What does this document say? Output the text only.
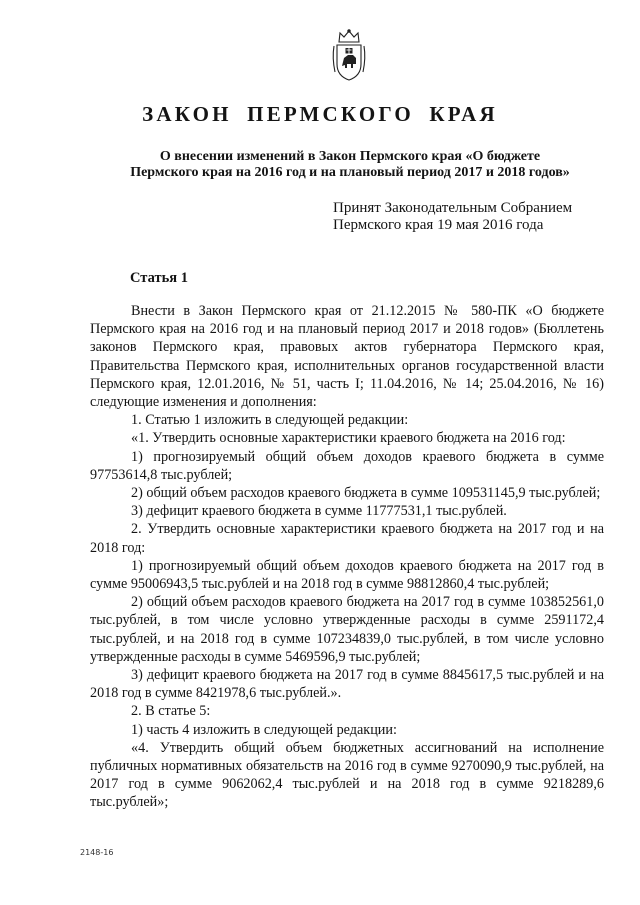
ЗАКОН ПЕРМСКОГО КРАЯ
О внесении изменений в Закон Пермского края «О бюджете
Пермского края на 2016 год и на плановый период 2017 и 2018 годов»
Принят Законодательным Собранием
Пермского края 19 мая 2016 года
Статья 1

Внести в Закон Пермского края от 21.12.2015 № 580-ПК «О бюджете Пермского края на 2016 год и на плановый период 2017 и 2018 годов» (Бюллетень законов Пермского края, правовых актов губернатора Пермского края, Правительства Пермского края, исполнительных органов государственной власти Пермского края, 12.01.2016, № 51, часть I; 11.04.2016, № 14; 25.04.2016, № 16) следующие изменения и дополнения:

1. Статью 1 изложить в следующей редакции:

«1. Утвердить основные характеристики краевого бюджета на 2016 год:

1) прогнозируемый общий объем доходов краевого бюджета в сумме 97753614,8 тыс.рублей;

2) общий объем расходов краевого бюджета в сумме 109531145,9 тыс.рублей;

3) дефицит краевого бюджета в сумме 11777531,1 тыс.рублей.

2. Утвердить основные характеристики краевого бюджета на 2017 год и на 2018 год:

1) прогнозируемый общий объем доходов краевого бюджета на 2017 год в сумме 95006943,5 тыс.рублей и на 2018 год в сумме 98812860,4 тыс.рублей;

2) общий объем расходов краевого бюджета на 2017 год в сумме 103852561,0 тыс.рублей, в том числе условно утвержденные расходы в сумме 2591172,4 тыс.рублей, и на 2018 год в сумме 107234839,0 тыс.рублей, в том числе условно утвержденные расходы в сумме 5469596,9 тыс.рублей;

3) дефицит краевого бюджета на 2017 год в сумме 8845617,5 тыс.рублей и на 2018 год в сумме 8421978,6 тыс.рублей.».

2. В статье 5:

1) часть 4 изложить в следующей редакции:

«4. Утвердить общий объем бюджетных ассигнований на исполнение публичных нормативных обязательств на 2016 год в сумме 9270090,9 тыс.рублей, на 2017 год в сумме 9062062,4 тыс.рублей и на 2018 год в сумме 9218289,6 тыс.рублей»;

2148-16
